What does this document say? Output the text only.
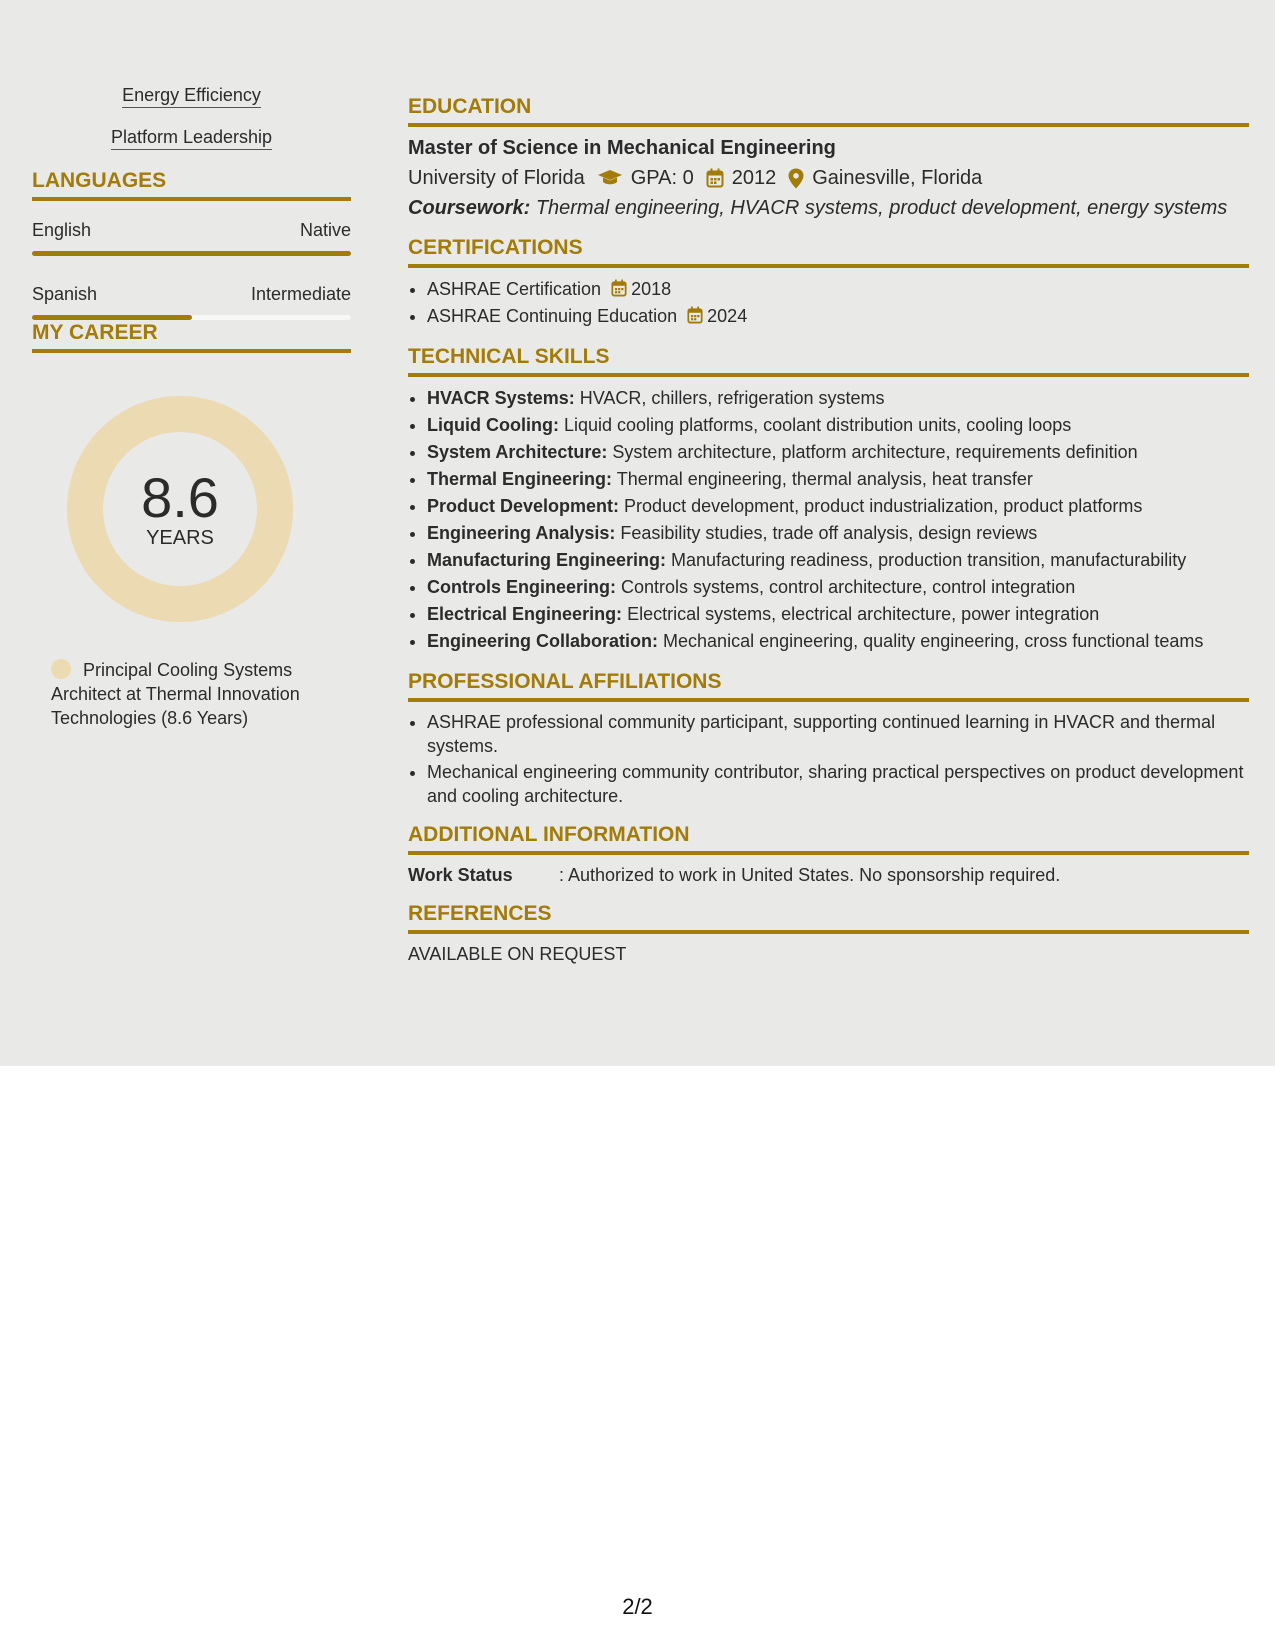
Energy Efficiency
Platform Leadership
LANGUAGES
English	Native
Spanish	Intermediate
MY CAREER
8.6
YEARS
Principal Cooling Systems Architect at Thermal Innovation Technologies (8.6 Years)
EDUCATION
Master of Science in Mechanical Engineering
University of Florida GPA: 0 2012 Gainesville, Florida
Coursework: Thermal engineering, HVACR systems, product development, energy systems
CERTIFICATIONS
• ASHRAE Certification 2018
• ASHRAE Continuing Education 2024
TECHNICAL SKILLS
• HVACR Systems: HVACR, chillers, refrigeration systems
• Liquid Cooling: Liquid cooling platforms, coolant distribution units, cooling loops
• System Architecture: System architecture, platform architecture, requirements definition
• Thermal Engineering: Thermal engineering, thermal analysis, heat transfer
• Product Development: Product development, product industrialization, product platforms
• Engineering Analysis: Feasibility studies, trade off analysis, design reviews
• Manufacturing Engineering: Manufacturing readiness, production transition, manufacturability
• Controls Engineering: Controls systems, control architecture, control integration
• Electrical Engineering: Electrical systems, electrical architecture, power integration
• Engineering Collaboration: Mechanical engineering, quality engineering, cross functional teams
PROFESSIONAL AFFILIATIONS
• ASHRAE professional community participant, supporting continued learning in HVACR and thermal systems.
• Mechanical engineering community contributor, sharing practical perspectives on product development and cooling architecture.
ADDITIONAL INFORMATION
Work Status	: Authorized to work in United States. No sponsorship required.
REFERENCES
AVAILABLE ON REQUEST
2/2
